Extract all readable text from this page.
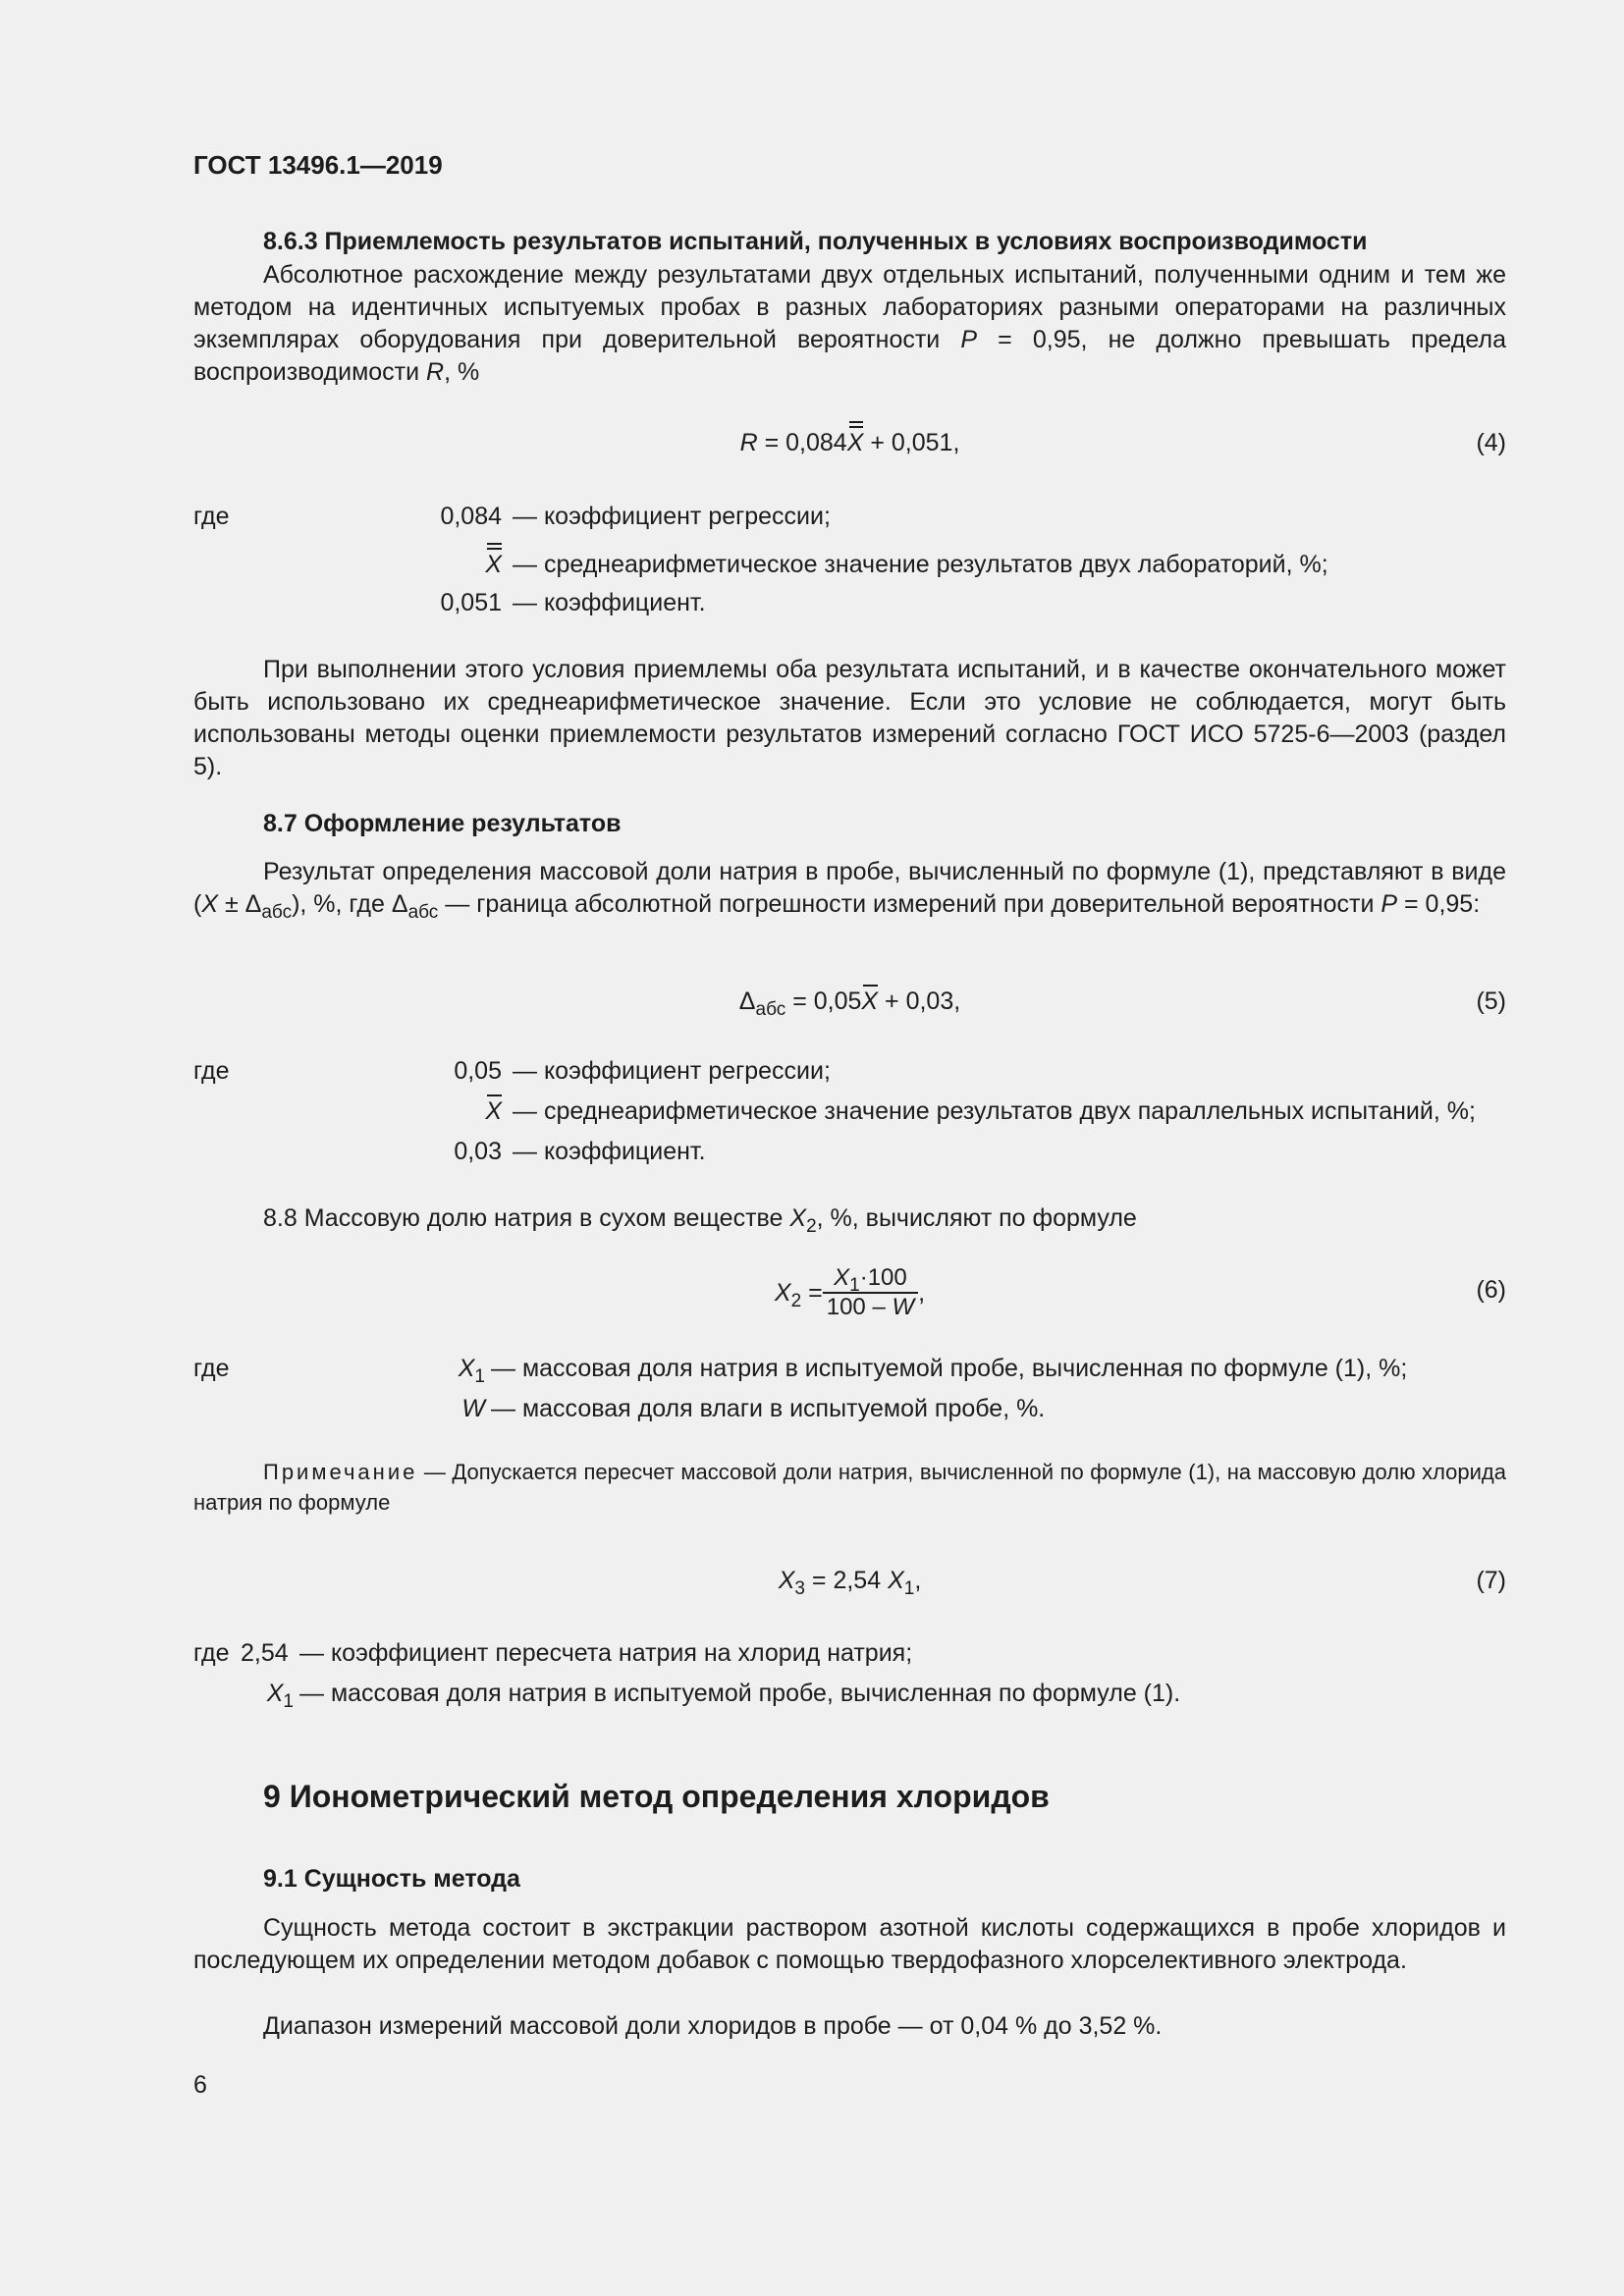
ГОСТ 13496.1—2019
8.6.3 Приемлемость результатов испытаний, полученных в условиях воспроизводимости
Абсолютное расхождение между результатами двух отдельных испытаний, полученными одним и тем же методом на идентичных испытуемых пробах в разных лабораториях разными операторами на различных экземплярах оборудования при доверительной вероятности P = 0,95, не должно превышать предела воспроизводимости R, %
R = 0,084
X + 0,051,	(4)
где	0,084 — коэффициент регрессии;
X — среднеарифметическое значение результатов двух лабораторий, %;
0,051 — коэффициент.
При выполнении этого условия приемлемы оба результата испытаний, и в качестве окончательного может быть использовано их среднеарифметическое значение. Если это условие не соблюдается, могут быть использованы методы оценки приемлемости результатов измерений согласно ГОСТ ИСО 5725-6—2003 (раздел 5).
8.7 Оформление результатов
Результат определения массовой доли натрия в пробе, вычисленный по формуле (1), представляют в виде $(X \pm \Delta_{абс})$, %, где $\Delta_{абс}$ — граница абсолютной погрешности измерений при доверительной вероятности P = 0,95:
$\Delta_{абс} = 0,05$
X + 0,03,	(5)
где	0,05 — коэффициент регрессии;
X — среднеарифметическое значение результатов двух параллельных испытаний, %;
0,03 — коэффициент.
8.8 Массовую долю натрия в сухом веществе $X_2$, %, вычисляют по формуле
$X_2 = \frac{X_1\cdot 100}{100 - W}$ ,	(6)
где	$X_1$ — массовая доля натрия в испытуемой пробе, вычисленная по формуле (1), %;
W — массовая доля влаги в испытуемой пробе, %.
Примечание — Допускается пересчет массовой доли натрия, вычисленной по формуле (1), на массовую долю хлорида натрия по формуле
$X_3 = 2,54$ $X_1$,	(7)
где 2,54 — коэффициент пересчета натрия на хлорид натрия;
$X_1$ — массовая доля натрия в испытуемой пробе, вычисленная по формуле (1).
9 Ионометрический метод определения хлоридов
9.1 Сущность метода
Сущность метода состоит в экстракции раствором азотной кислоты содержащихся в пробе хлоридов и последующем их определении методом добавок с помощью твердофазного хлорселективного электрода.
Диапазон измерений массовой доли хлоридов в пробе — от 0,04 % до 3,52 %.
6
